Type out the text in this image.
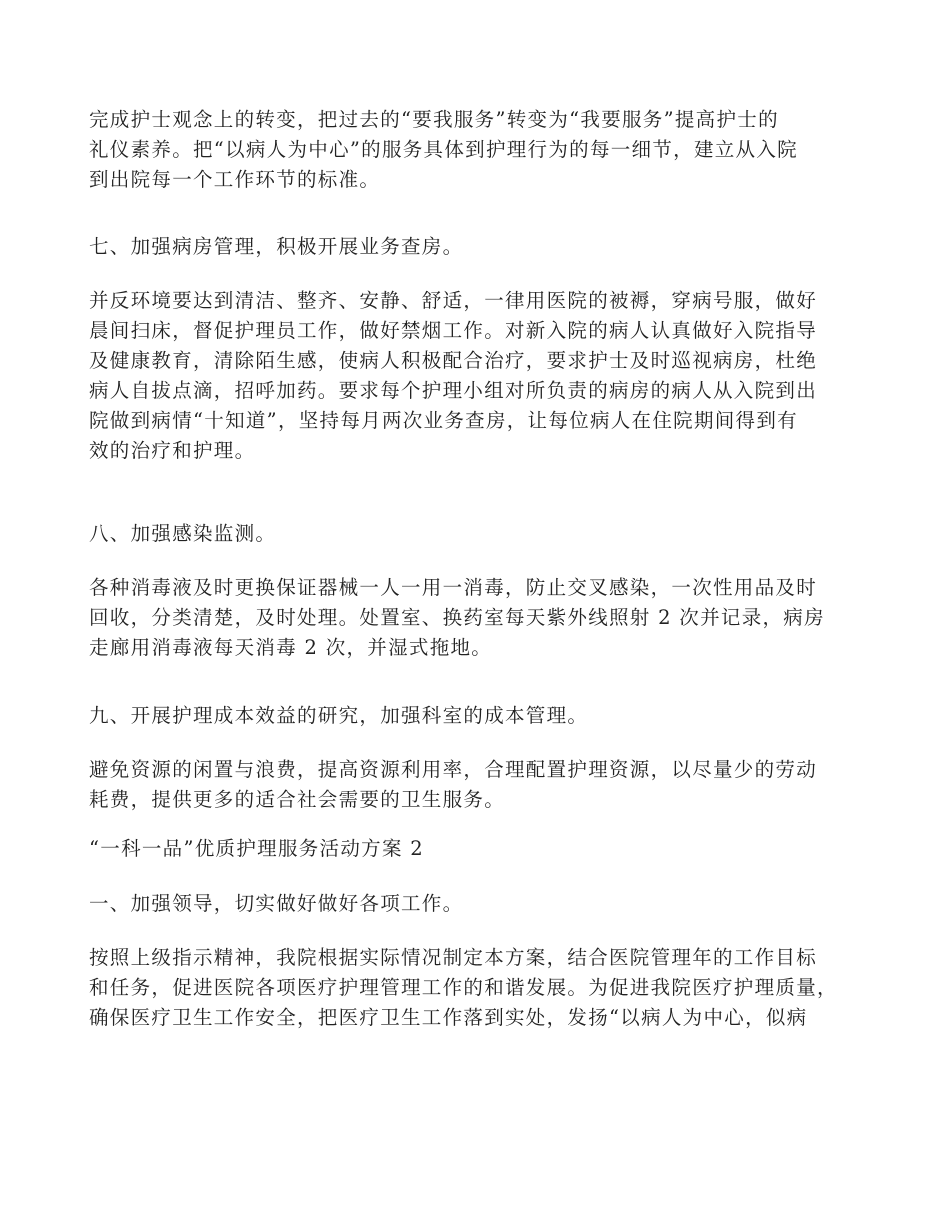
完成护士观念上的转变，把过去的“要我服务”转变为“我要服务”提高护士的
礼仪素养。把“以病人为中心”的服务具体到护理行为的每一细节，建立从入院
到出院每一个工作环节的标准。
七、加强病房管理，积极开展业务查房。
并反环境要达到清洁、整齐、安静、舒适，一律用医院的被褥，穿病号服，做好
晨间扫床，督促护理员工作，做好禁烟工作。对新入院的病人认真做好入院指导
及健康教育，清除陌生感，使病人积极配合治疗，要求护士及时巡视病房，杜绝
病人自拔点滴，招呼加药。要求每个护理小组对所负责的病房的病人从入院到出
院做到病情“十知道”，坚持每月两次业务查房，让每位病人在住院期间得到有
效的治疗和护理。
八、加强感染监测。
各种消毒液及时更换保证器械一人一用一消毒，防止交叉感染，一次性用品及时
回收，分类清楚，及时处理。处置室、换药室每天紫外线照射 2 次并记录，病房
走廊用消毒液每天消毒 2 次，并湿式拖地。
九、开展护理成本效益的研究，加强科室的成本管理。
避免资源的闲置与浪费，提高资源利用率，合理配置护理资源，以尽量少的劳动
耗费，提供更多的适合社会需要的卫生服务。
“一科一品”优质护理服务活动方案 2
一、加强领导，切实做好做好各项工作。
按照上级指示精神，我院根据实际情况制定本方案，结合医院管理年的工作目标
和任务，促进医院各项医疗护理管理工作的和谐发展。为促进我院医疗护理质量，
确保医疗卫生工作安全，把医疗卫生工作落到实处，发扬“以病人为中心，似病
